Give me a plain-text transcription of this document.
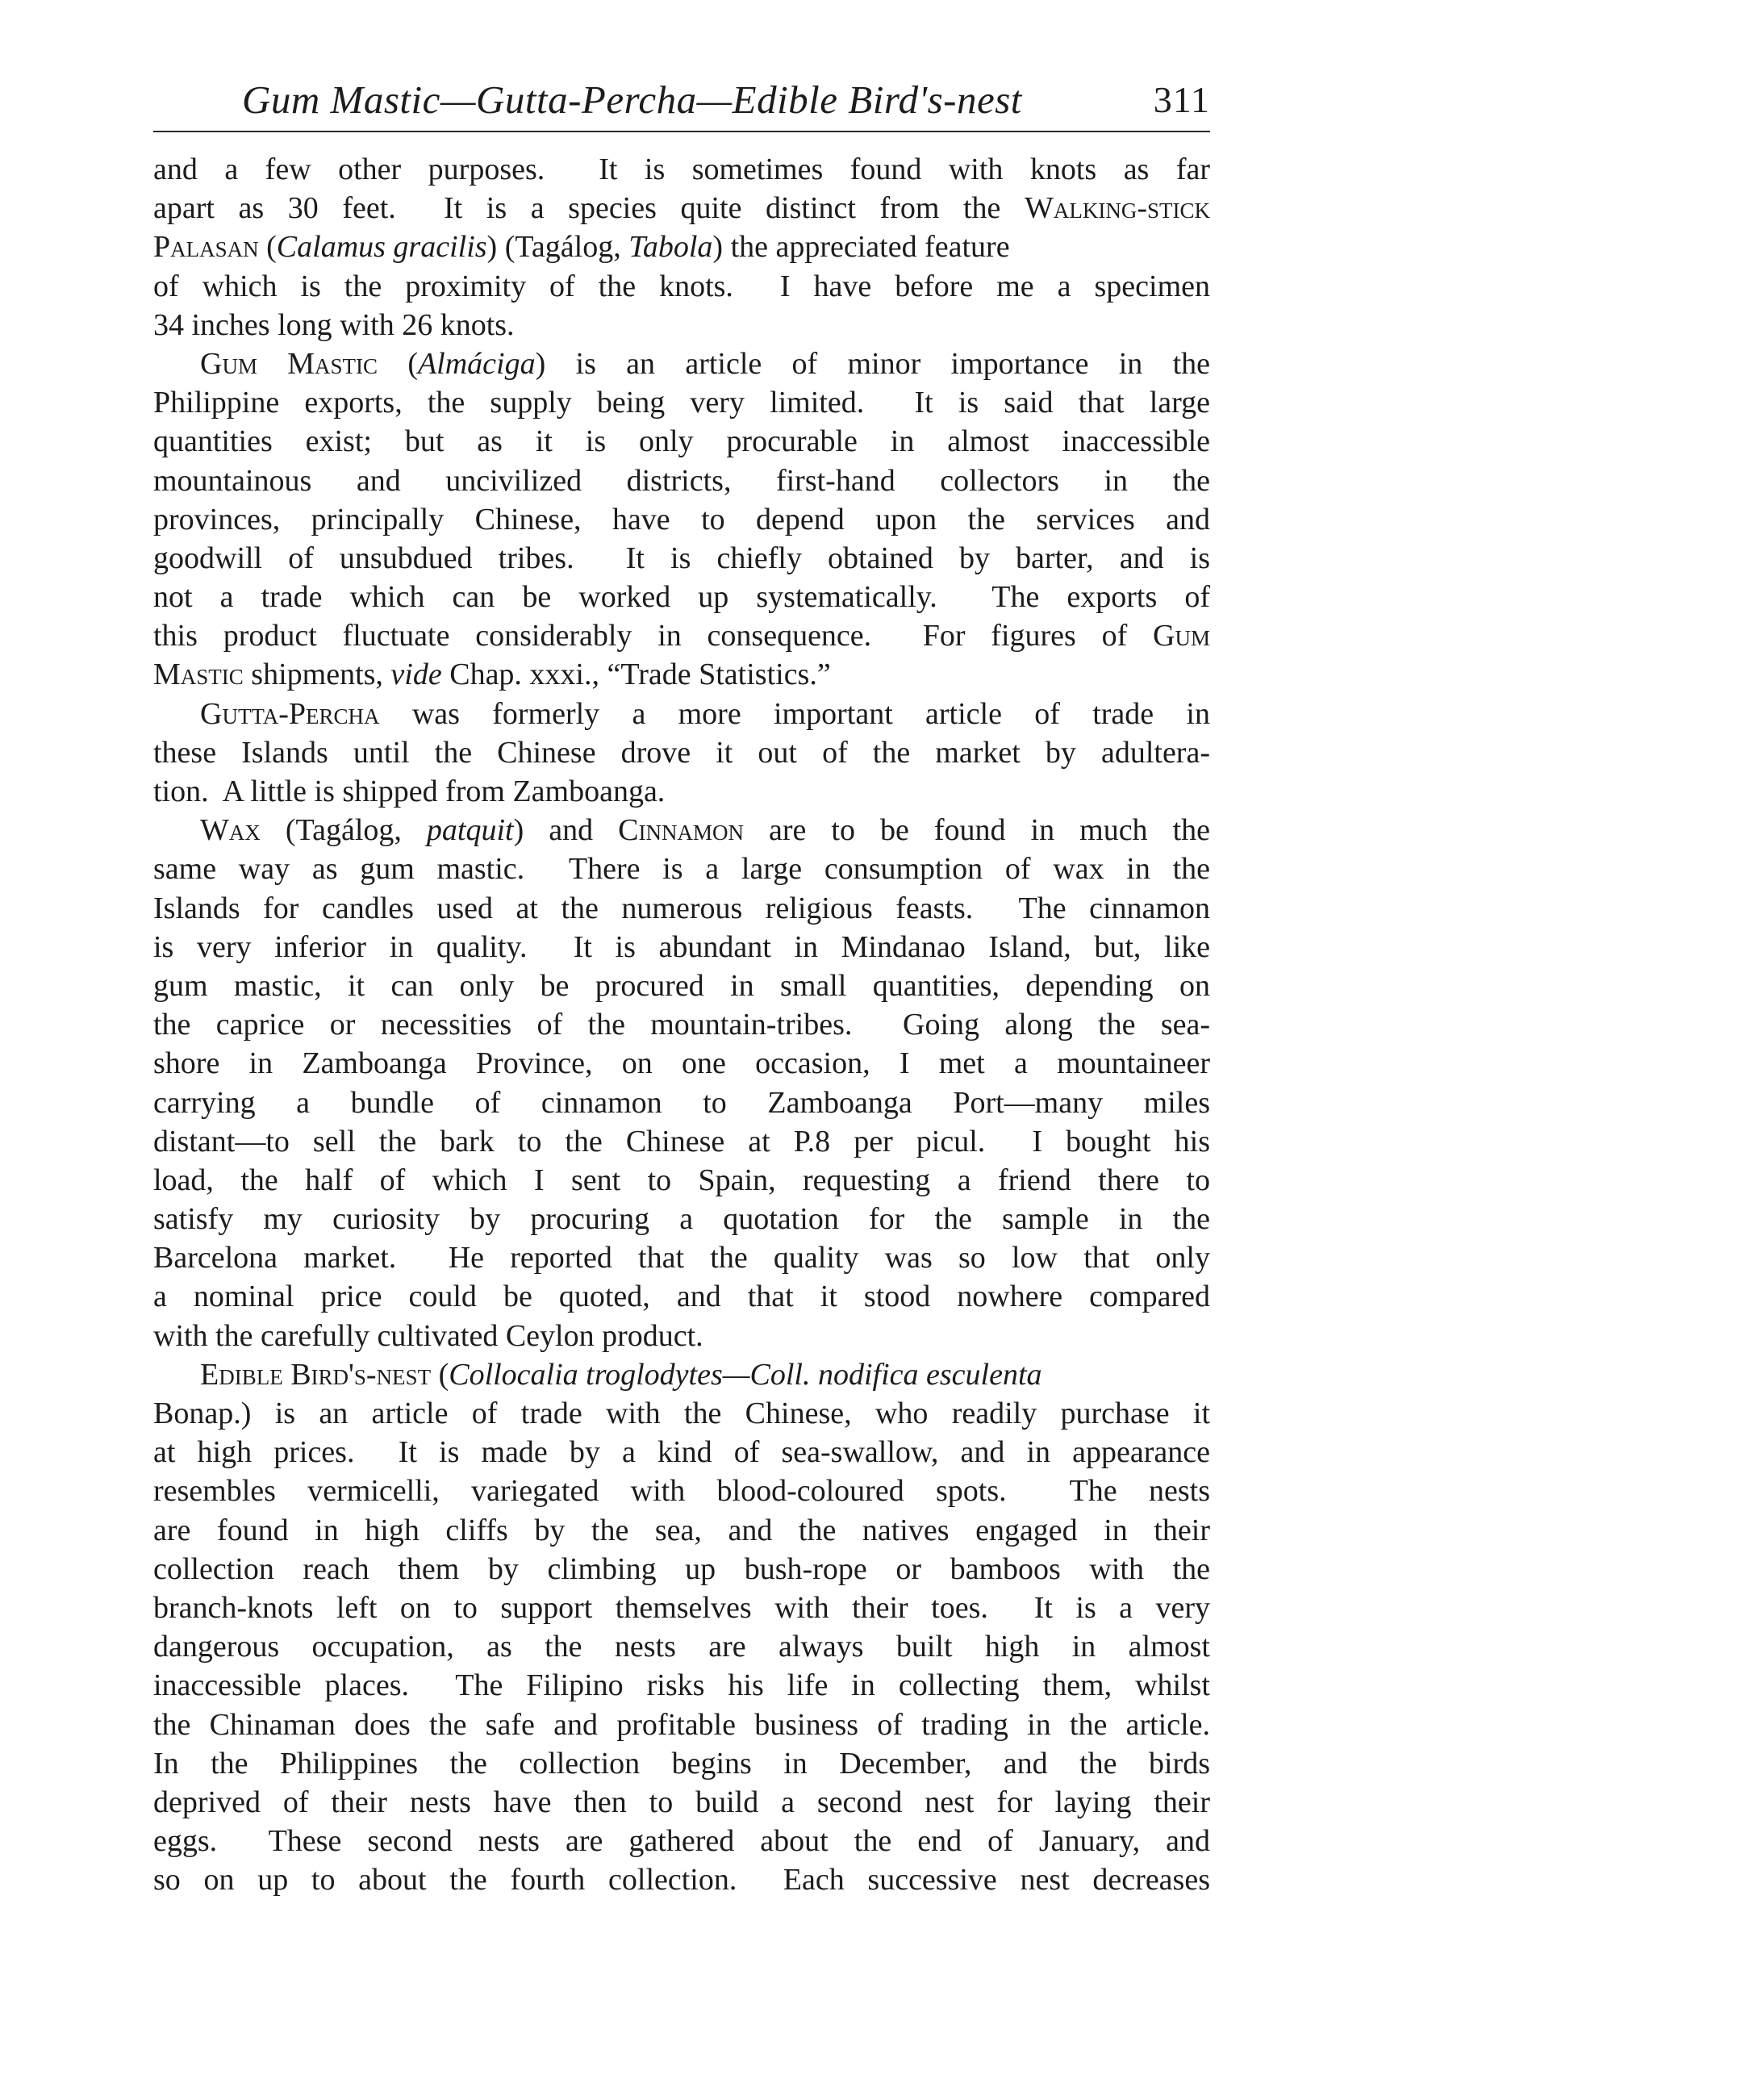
Gum Mastic—Gutta-Percha—Edible Bird's-nest	311
and a few other purposes.  It is sometimes found with knots as far
apart as 30 feet.  It is a species quite distinct from the Walking-stick
Palasan (Calamus gracilis) (Tagálog, Tabola) the appreciated feature
of which is the proximity of the knots.  I have before me a specimen
34 inches long with 26 knots.
Gum Mastic (Almáciga) is an article of minor importance in the
Philippine exports, the supply being very limited.  It is said that large
quantities exist; but as it is only procurable in almost inaccessible
mountainous and uncivilized districts, first-hand collectors in the
provinces, principally Chinese, have to depend upon the services and
goodwill of unsubdued tribes.  It is chiefly obtained by barter, and is
not a trade which can be worked up systematically.  The exports of
this product fluctuate considerably in consequence.  For figures of Gum
Mastic shipments, vide Chap. xxxi., “Trade Statistics.”
Gutta-Percha was formerly a more important article of trade in
these Islands until the Chinese drove it out of the market by adultera-
tion.  A little is shipped from Zamboanga.
Wax (Tagálog, patquit) and Cinnamon are to be found in much the
same way as gum mastic.  There is a large consumption of wax in the
Islands for candles used at the numerous religious feasts.  The cinnamon
is very inferior in quality.  It is abundant in Mindanao Island, but, like
gum mastic, it can only be procured in small quantities, depending on
the caprice or necessities of the mountain-tribes.  Going along the sea-
shore in Zamboanga Province, on one occasion, I met a mountaineer
carrying a bundle of cinnamon to Zamboanga Port—many miles
distant—to sell the bark to the Chinese at P.8 per picul.  I bought his
load, the half of which I sent to Spain, requesting a friend there to
satisfy my curiosity by procuring a quotation for the sample in the
Barcelona market.  He reported that the quality was so low that only
a nominal price could be quoted, and that it stood nowhere compared
with the carefully cultivated Ceylon product.
Edible Bird's-nest (Collocalia troglodytes—Coll. nodifica esculenta
Bonap.) is an article of trade with the Chinese, who readily purchase it
at high prices.  It is made by a kind of sea-swallow, and in appearance
resembles vermicelli, variegated with blood-coloured spots.  The nests
are found in high cliffs by the sea, and the natives engaged in their
collection reach them by climbing up bush-rope or bamboos with the
branch-knots left on to support themselves with their toes.  It is a very
dangerous occupation, as the nests are always built high in almost
inaccessible places.  The Filipino risks his life in collecting them, whilst
the Chinaman does the safe and profitable business of trading in the article.
In the Philippines the collection begins in December, and the birds
deprived of their nests have then to build a second nest for laying their
eggs.  These second nests are gathered about the end of January, and
so on up to about the fourth collection.  Each successive nest decreases
